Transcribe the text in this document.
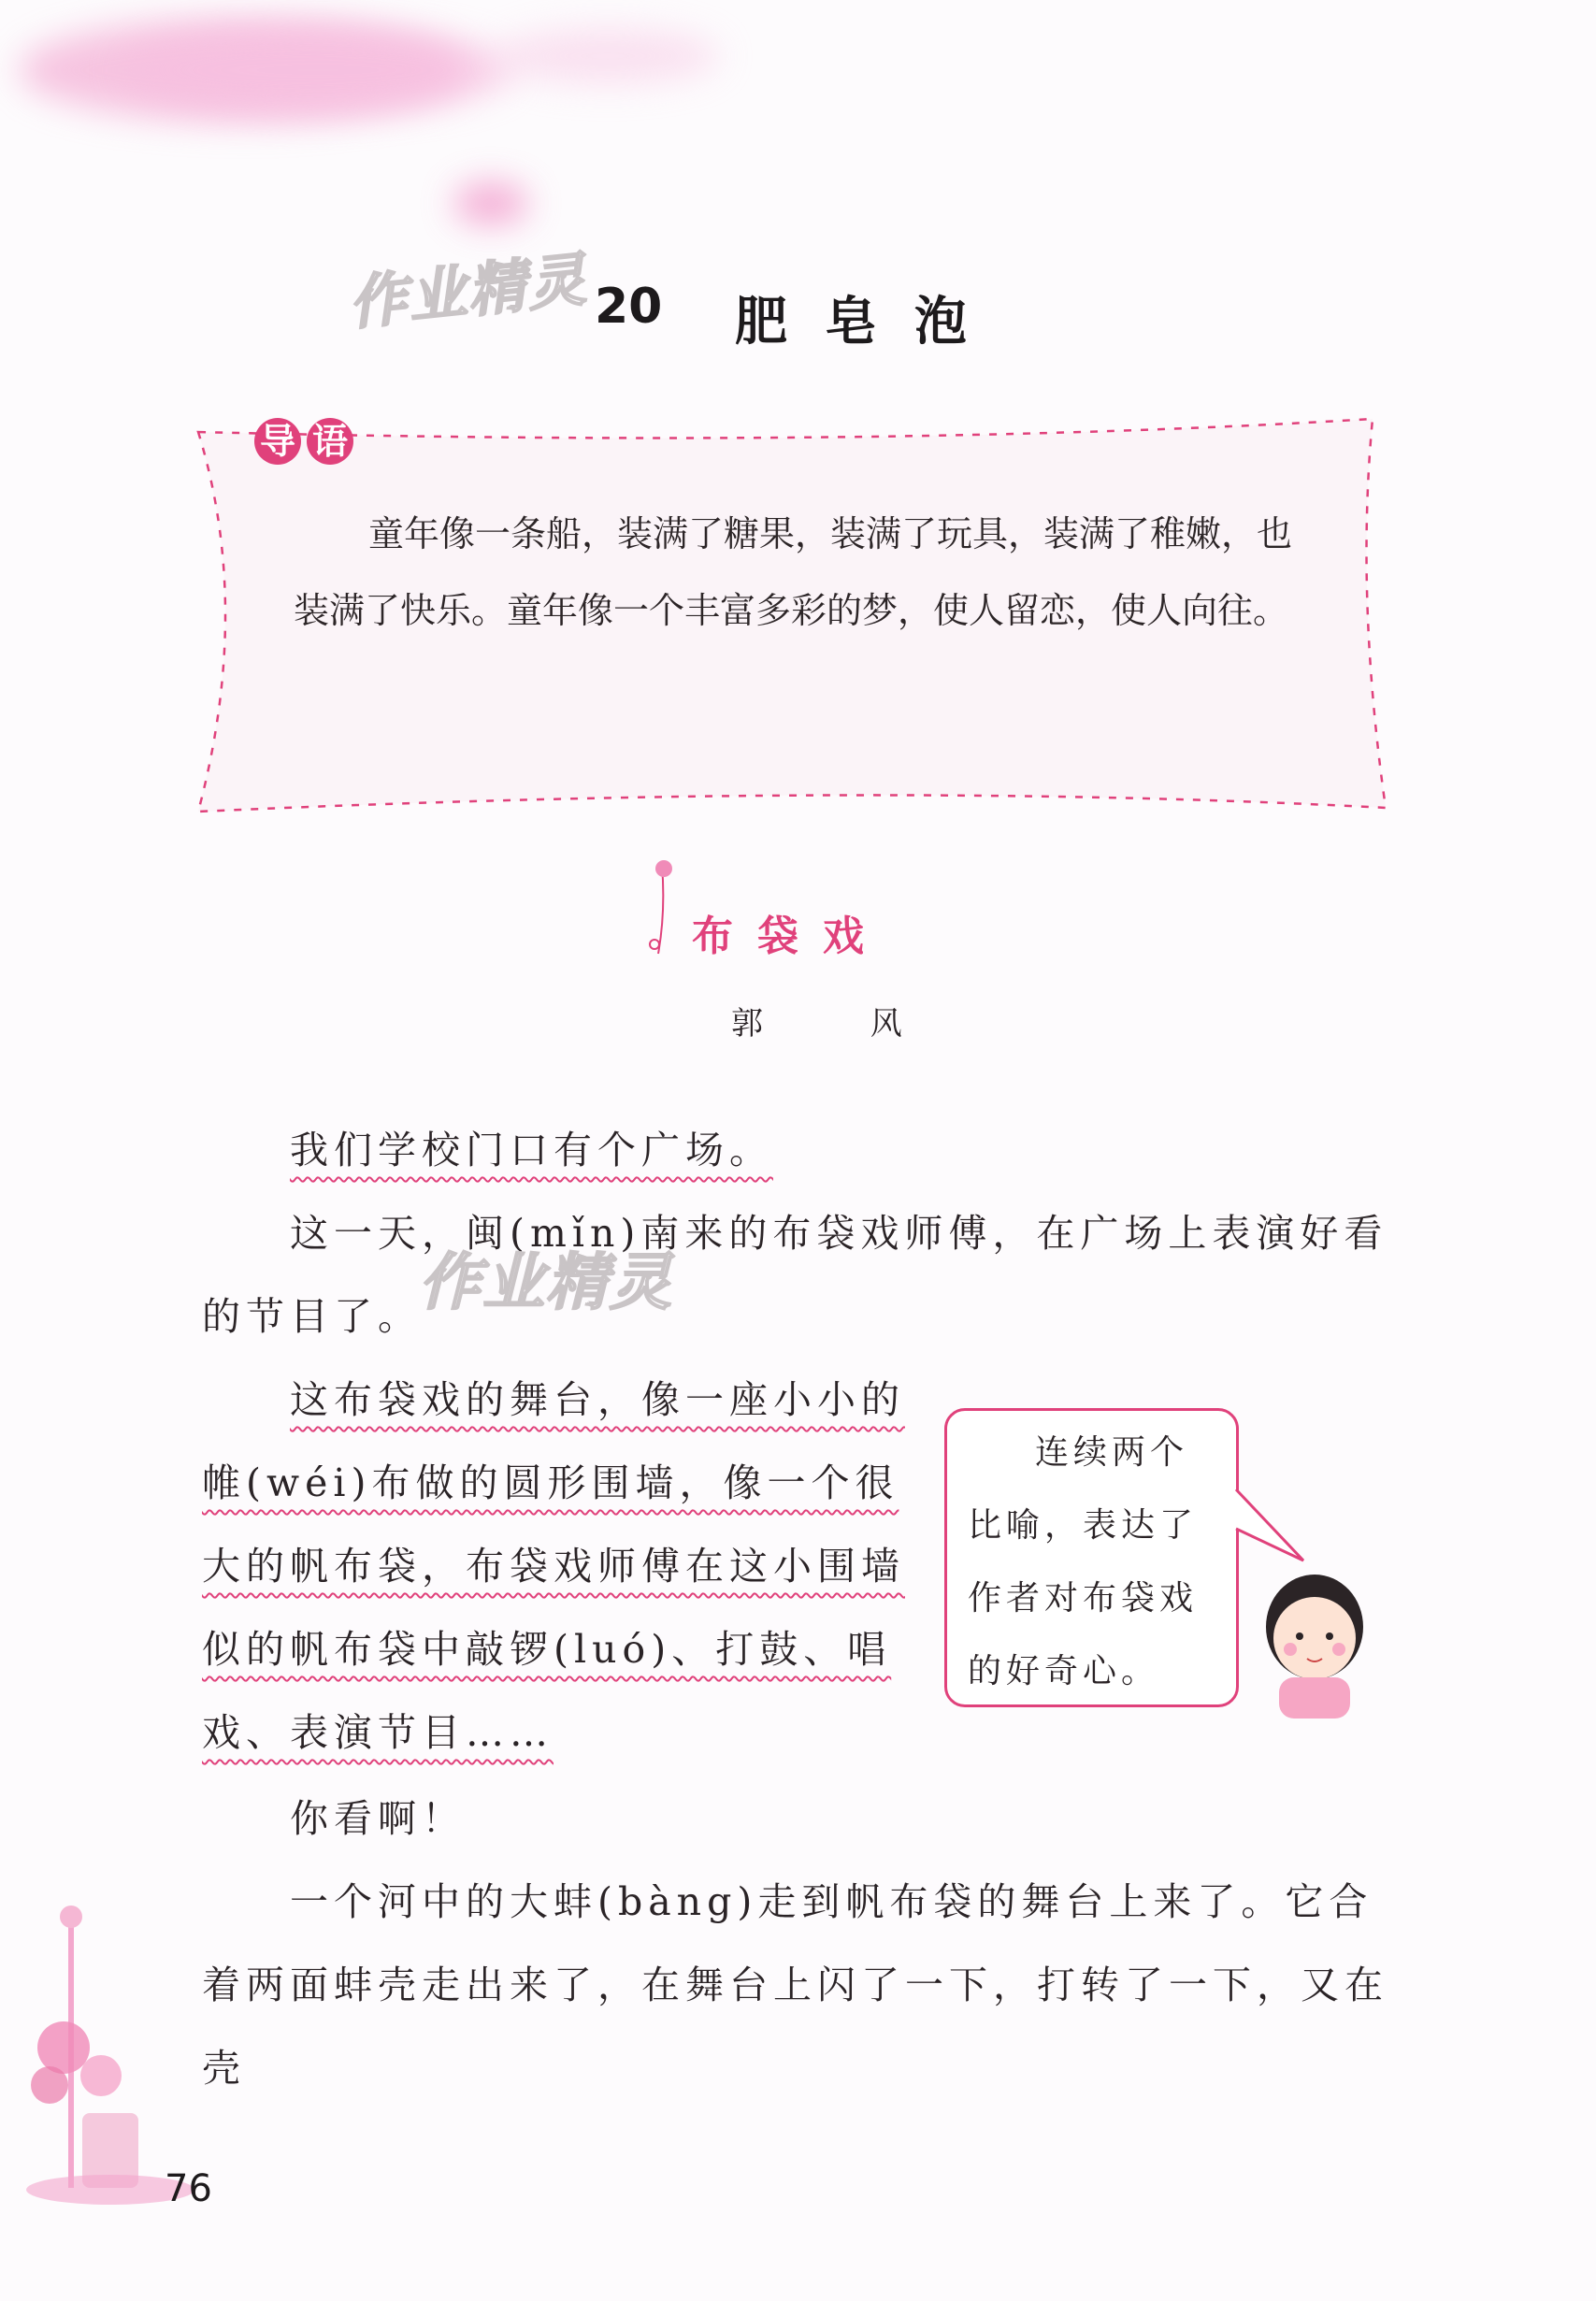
作业精灵 20 肥皂泡
导 语

童年像一条船，装满了糖果，装满了玩具，装满了稚嫩，也装满了快乐。童年像一个丰富多彩的梦，使人留恋，使人向往。

布袋戏
郭 风

我们学校门口有个广场。

这一天，闽(mǐn)南来的布袋戏师傅，在广场上表演好看的节目了。

作业精灵

这布袋戏的舞台，像一座小小的帷(wéi)布做的圆形围墙，像一个很大的帆布袋，布袋戏师傅在这小围墙似的帆布袋中敲锣(luó)、打鼓、唱戏、表演节目……

你看啊！

一个河中的大蚌(bàng)走到帆布袋的舞台上来了。它合着两面蚌壳走出来了，在舞台上闪了一下，打转了一下，又在壳

连续两个比喻，表达了作者对布袋戏的好奇心。

76
